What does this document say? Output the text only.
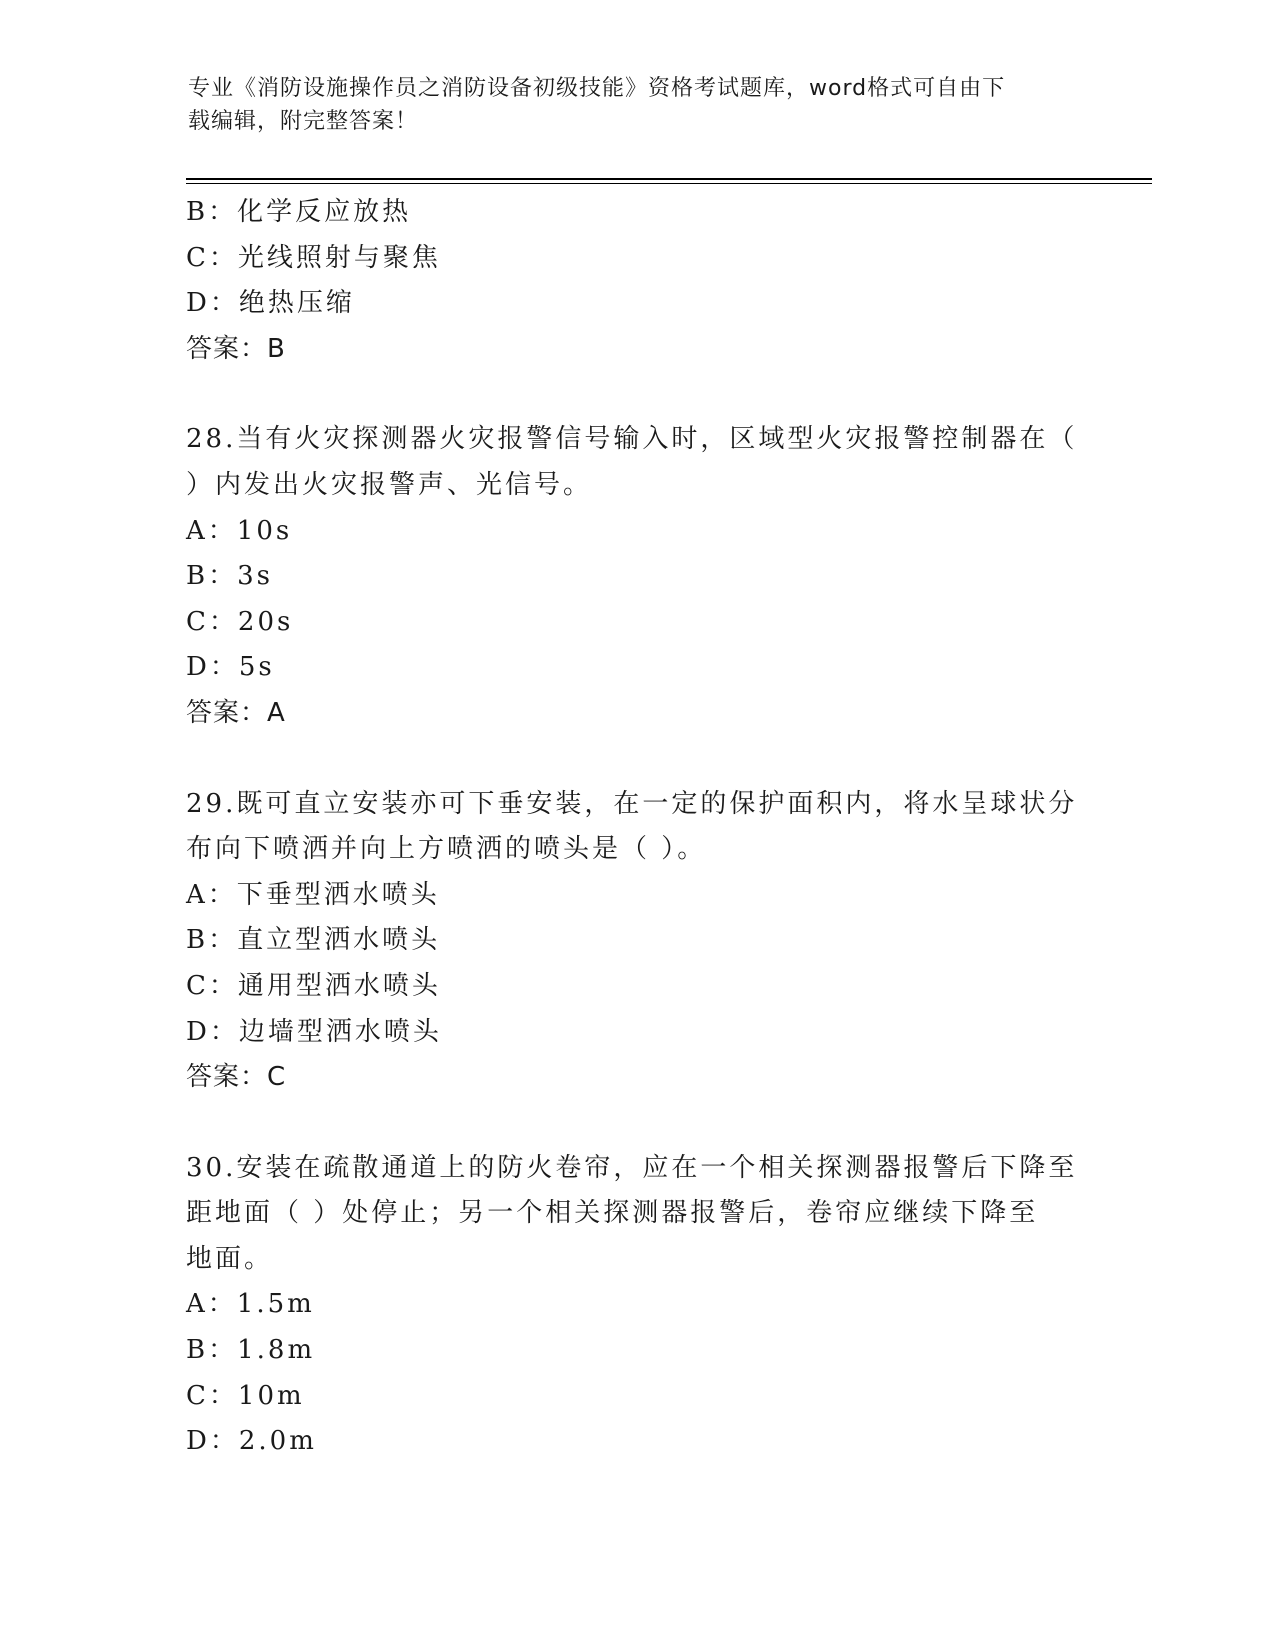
专业《消防设施操作员之消防设备初级技能》资格考试题库，word格式可自由下
载编辑，附完整答案！
B：化学反应放热
C：光线照射与聚焦
D：绝热压缩
答案：B
28.当有火灾探测器火灾报警信号输入时，区域型火灾报警控制器在（
）内发出火灾报警声、光信号。
A：10s
B：3s
C：20s
D：5s
答案：A
29.既可直立安装亦可下垂安装，在一定的保护面积内，将水呈球状分
布向下喷洒并向上方喷洒的喷头是（ ）。
A：下垂型洒水喷头
B：直立型洒水喷头
C：通用型洒水喷头
D：边墙型洒水喷头
答案：C
30.安装在疏散通道上的防火卷帘，应在一个相关探测器报警后下降至
距地面（ ）处停止；另一个相关探测器报警后，卷帘应继续下降至
地面。
A：1.5m
B：1.8m
C：10m
D：2.0m
